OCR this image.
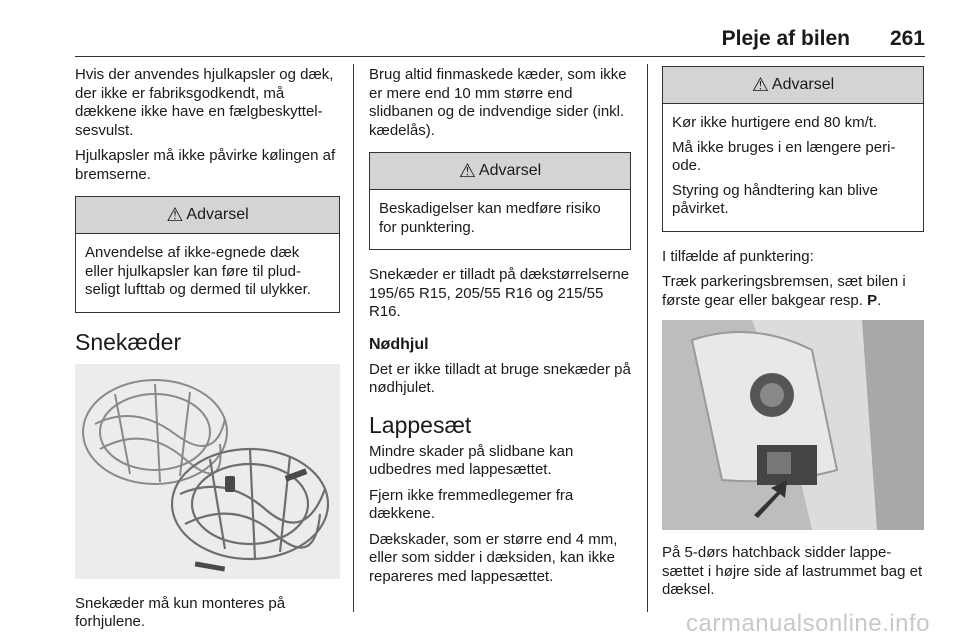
Pleje af bilen 261

Hvis der anvendes hjulkapsler og dæk, der ikke er fabriksgodkendt, må dækkene ikke have en fælgbeskyttelsesvulst.

Hjulkapsler må ikke påvirke kølingen af bremserne.

⚠ Advarsel

Anvendelse af ikke-egnede dæk eller hjulkapsler kan føre til pludseligt lufttab og dermed til ulykker.

Snekæder

Snekæder må kun monteres på forhjulene.

Brug altid finmaskede kæder, som ikke er mere end 10 mm større end slidbanen og de indvendige sider (inkl. kædelås).

⚠ Advarsel

Beskadigelser kan medføre risiko for punktering.

Snekæder er tilladt på dækstørrelserne 195/65 R15, 205/55 R16 og 215/55 R16.

Nødhjul

Det er ikke tilladt at bruge snekæder på nødhjulet.

Lappesæt

Mindre skader på slidbane kan udbedres med lappesættet.

Fjern ikke fremmedlegemer fra dækkene.

Dækskader, som er større end 4 mm, eller som sidder i dæksiden, kan ikke repareres med lappesættet.

⚠ Advarsel

Kør ikke hurtigere end 80 km/t.

Må ikke bruges i en længere periode.

Styring og håndtering kan blive påvirket.

I tilfælde af punktering:

Træk parkeringsbremsen, sæt bilen i første gear eller bakgear resp. P.

På 5-dørs hatchback sidder lappesættet i højre side af lastrummet bag et dæksel.

carmanualsonline.info
